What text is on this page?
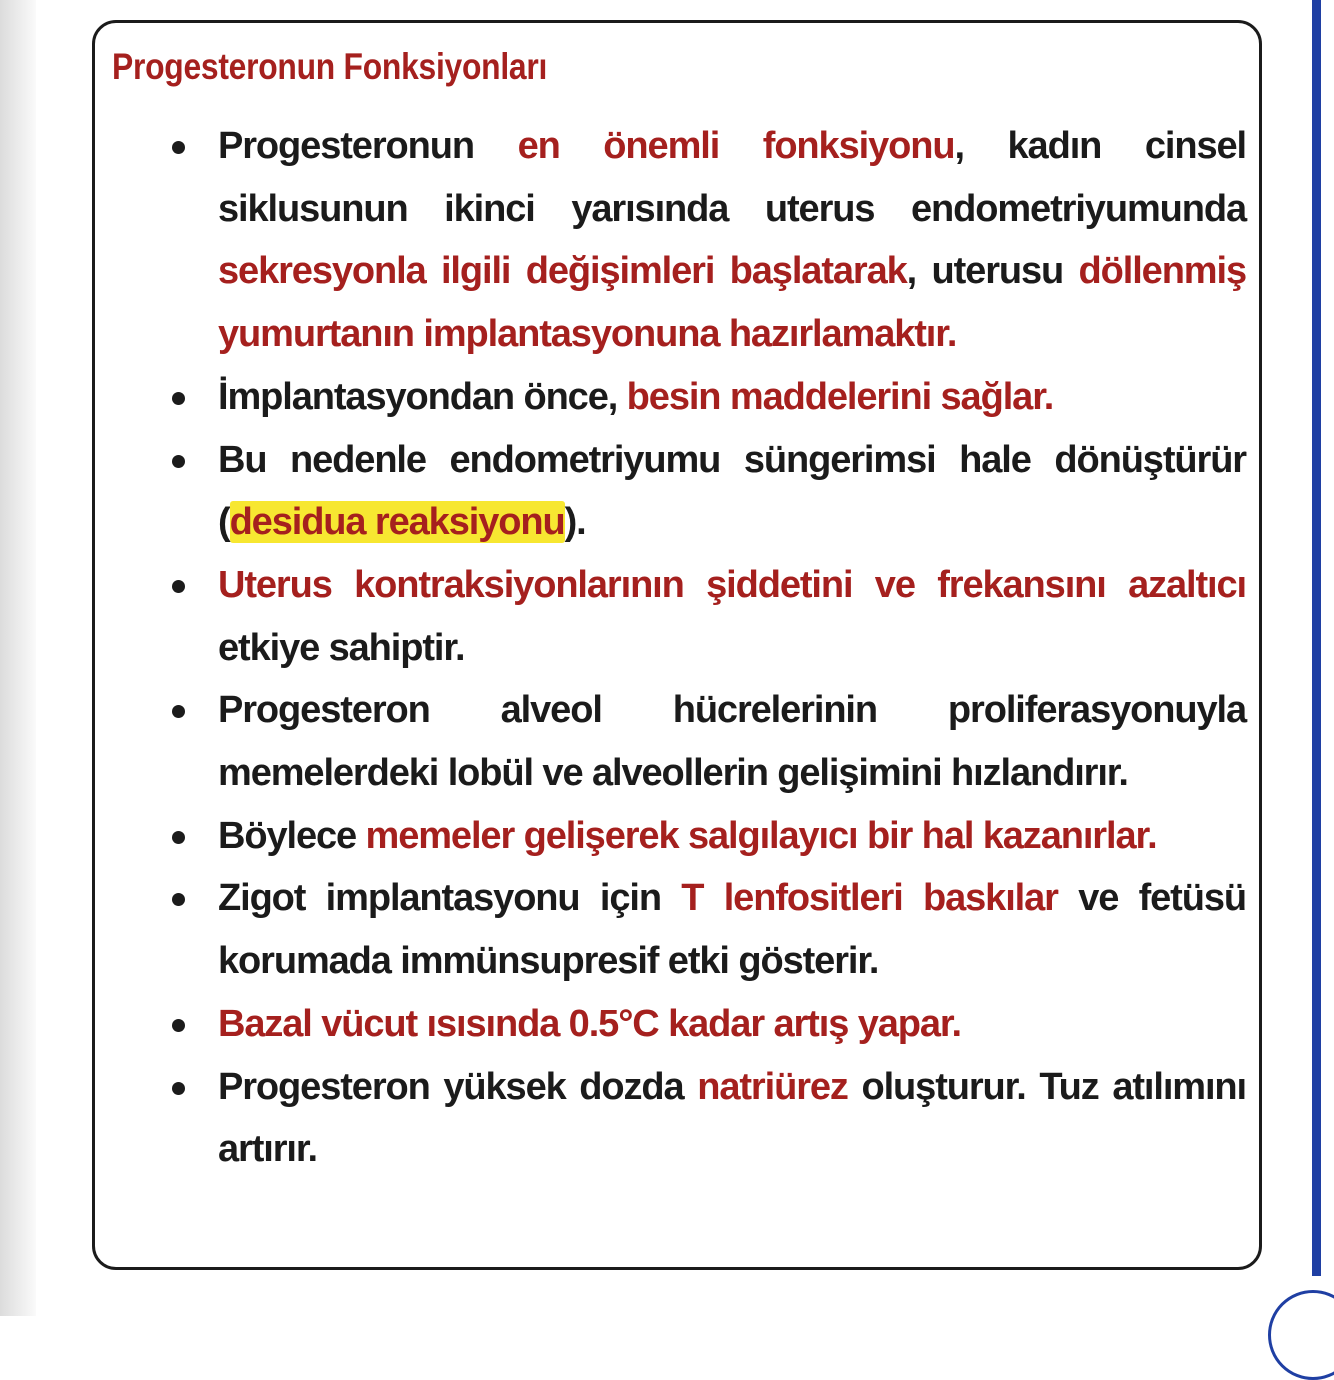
Progesteronun Fonksiyonları
Progesteronun en önemli fonksiyonu, kadın cinsel siklusunun ikinci yarısında uterus endometriyumunda sekresyonla ilgili değişimleri başlatarak, uterusu döllenmiş yumurtanın implantasyonuna hazırlamaktır.
İmplantasyondan önce, besin maddelerini sağlar.
Bu nedenle endometriyumu süngerimsi hale dönüştürür (desidua reaksiyonu).
Uterus kontraksiyonlarının şiddetini ve frekansını azaltıcı etkiye sahiptir.
Progesteron alveol hücrelerinin proliferasyonuyla memelerdeki lobül ve alveollerin gelişimini hızlandırır.
Böylece memeler gelişerek salgılayıcı bir hal kazanırlar.
Zigot implantasyonu için T lenfositleri baskılar ve fetüsü korumada immünsupresif etki gösterir.
Bazal vücut ısısında 0.5°C kadar artış yapar.
Progesteron yüksek dozda natriürez oluşturur. Tuz atılımını artırır.
